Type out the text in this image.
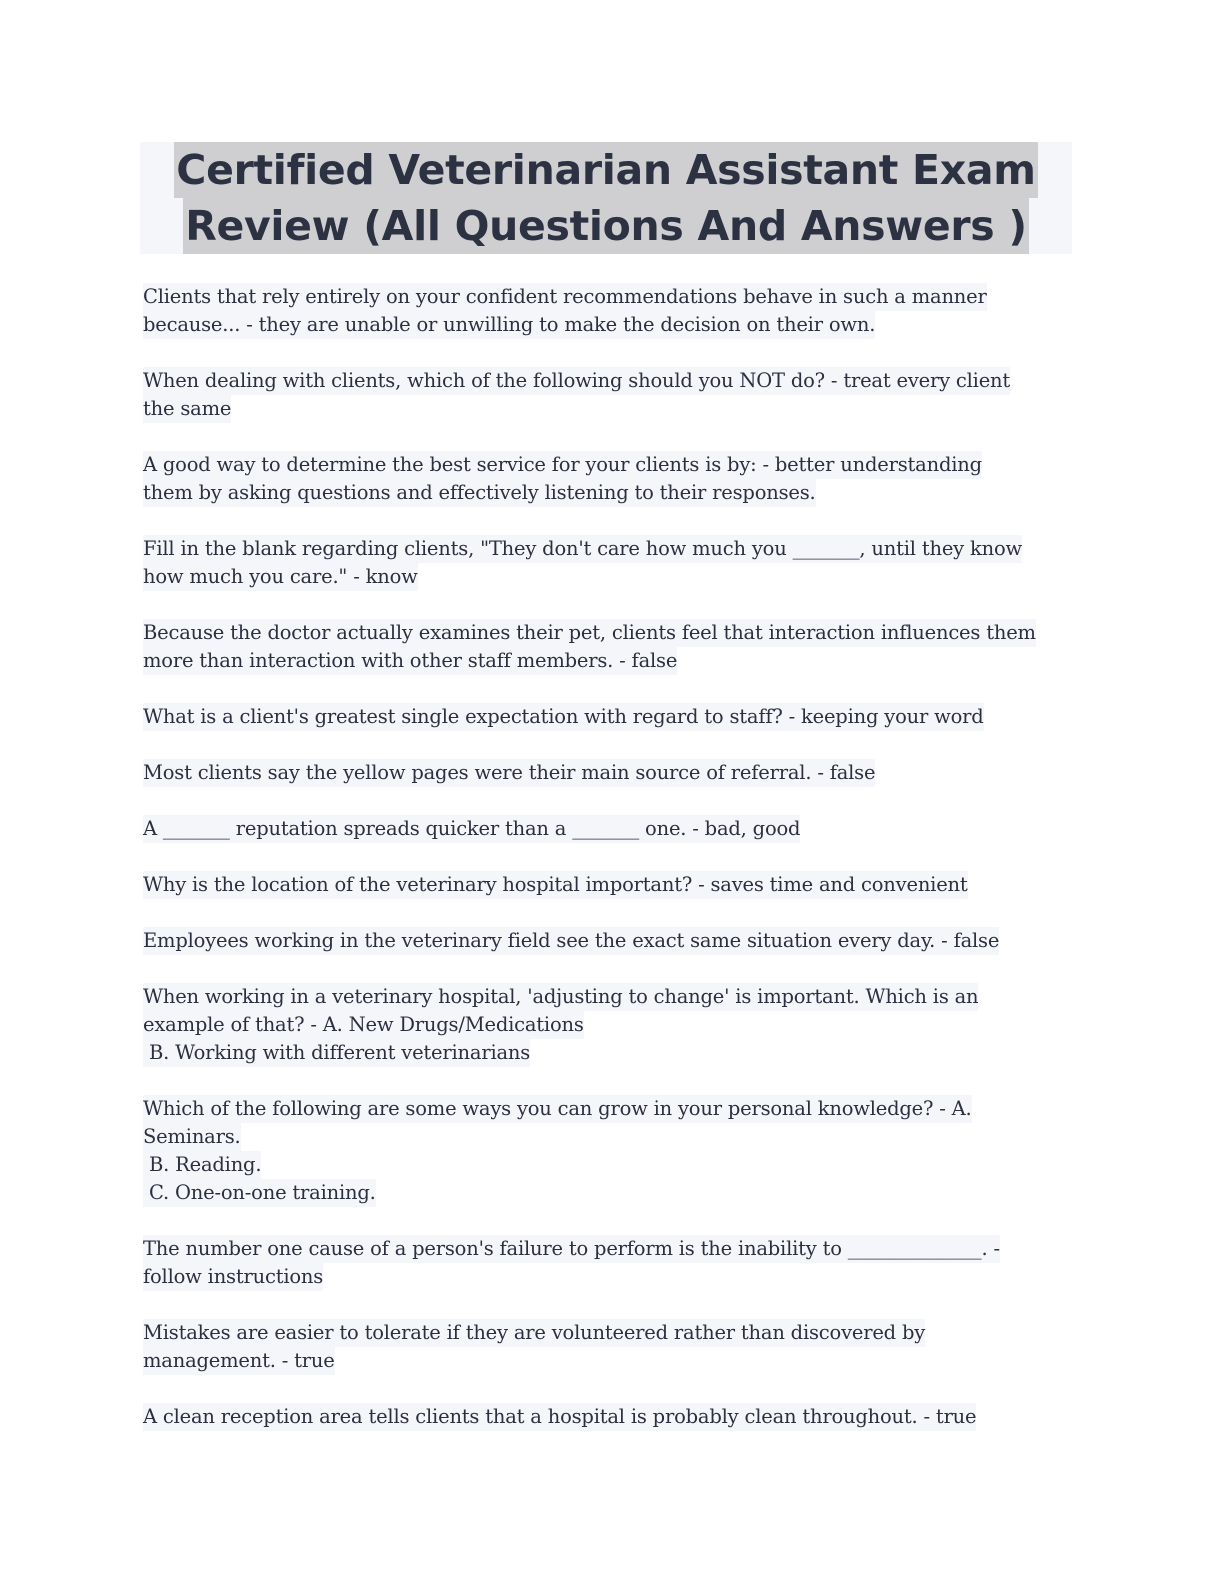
Certified Veterinarian Assistant Exam
Review (All Questions And Answers )
Clients that rely entirely on your confident recommendations behave in such a manner
because... - they are unable or unwilling to make the decision on their own.
When dealing with clients, which of the following should you NOT do? - treat every client
the same
A good way to determine the best service for your clients is by: - better understanding
them by asking questions and effectively listening to their responses.
Fill in the blank regarding clients, "They don't care how much you _______, until they know
how much you care." - know
Because the doctor actually examines their pet, clients feel that interaction influences them
more than interaction with other staff members. - false
What is a client's greatest single expectation with regard to staff? - keeping your word
Most clients say the yellow pages were their main source of referral. - false
A _______ reputation spreads quicker than a _______ one. - bad, good
Why is the location of the veterinary hospital important? - saves time and convenient
Employees working in the veterinary field see the exact same situation every day. - false
When working in a veterinary hospital, 'adjusting to change' is important. Which is an
example of that? - A. New Drugs/Medications
B. Working with different veterinarians
Which of the following are some ways you can grow in your personal knowledge? - A.
Seminars.
B. Reading.
C. One-on-one training.
The number one cause of a person's failure to perform is the inability to ______________. -
follow instructions
Mistakes are easier to tolerate if they are volunteered rather than discovered by
management. - true
A clean reception area tells clients that a hospital is probably clean throughout. - true
